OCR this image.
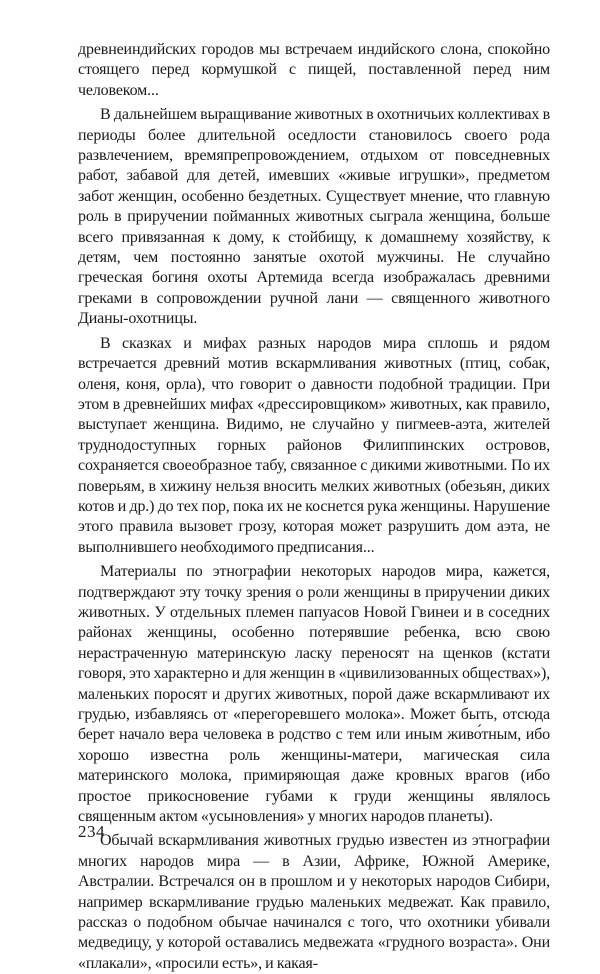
древнеиндийских городов мы встречаем индийского слона, спокойно стоящего перед кормушкой с пищей, поставленной перед ним человеком...

В дальнейшем выращивание животных в охотничьих коллективах в периоды более длительной оседлости становилось своего рода развлечением, времяпрепровождением, отдыхом от повседневных работ, забавой для детей, имевших «живые игрушки», предметом забот женщин, особенно бездетных. Существует мнение, что главную роль в приручении пойманных животных сыграла женщина, больше всего привязанная к дому, к стойбищу, к домашнему хозяйству, к детям, чем постоянно занятые охотой мужчины. Не случайно греческая богиня охоты Артемида всегда изображалась древними греками в сопровождении ручной лани — священного животного Дианы-охотницы.

В сказках и мифах разных народов мира сплошь и рядом встречается древний мотив вскармливания животных (птиц, собак, оленя, коня, орла), что говорит о давности подобной традиции. При этом в древнейших мифах «дрессировщиком» животных, как правило, выступает женщина. Видимо, не случайно у пигмеев-аэта, жителей труднодоступных горных районов Филиппинских островов, сохраняется своеобразное табу, связанное с дикими животными. По их поверьям, в хижину нельзя вносить мелких животных (обезьян, диких котов и др.) до тех пор, пока их не коснется рука женщины. Нарушение этого правила вызовет грозу, которая может разрушить дом аэта, не выполнившего необходимого предписания...

Материалы по этнографии некоторых народов мира, кажется, подтверждают эту точку зрения о роли женщины в приручении диких животных. У отдельных племен папуасов Новой Гвинеи и в соседних районах женщины, особенно потерявшие ребенка, всю свою нерастраченную материнскую ласку переносят на щенков (кстати говоря, это характерно и для женщин в «цивилизованных обществах»), маленьких поросят и других животных, порой даже вскармливают их грудью, избавляясь от «перегоревшего молока». Может быть, отсюда берет начало вера человека в родство с тем или иным живо́тным, ибо хорошо известна роль женщины-матери, магическая сила материнского молока, примиряющая даже кровных врагов (ибо простое прикосновение губами к груди женщины являлось священным актом «усыновления» у многих народов планеты).

Обычай вскармливания животных грудью известен из этнографии многих народов мира — в Азии, Африке, Южной Америке, Австралии. Встречался он в прошлом и у некоторых народов Сибири, например вскармливание грудью маленьких медвежат. Как правило, рассказ о подобном обычае начинался с того, что охотники убивали медведицу, у которой оставались медвежата «грудного возраста». Они «плакали», «просили есть», и какая-

234
